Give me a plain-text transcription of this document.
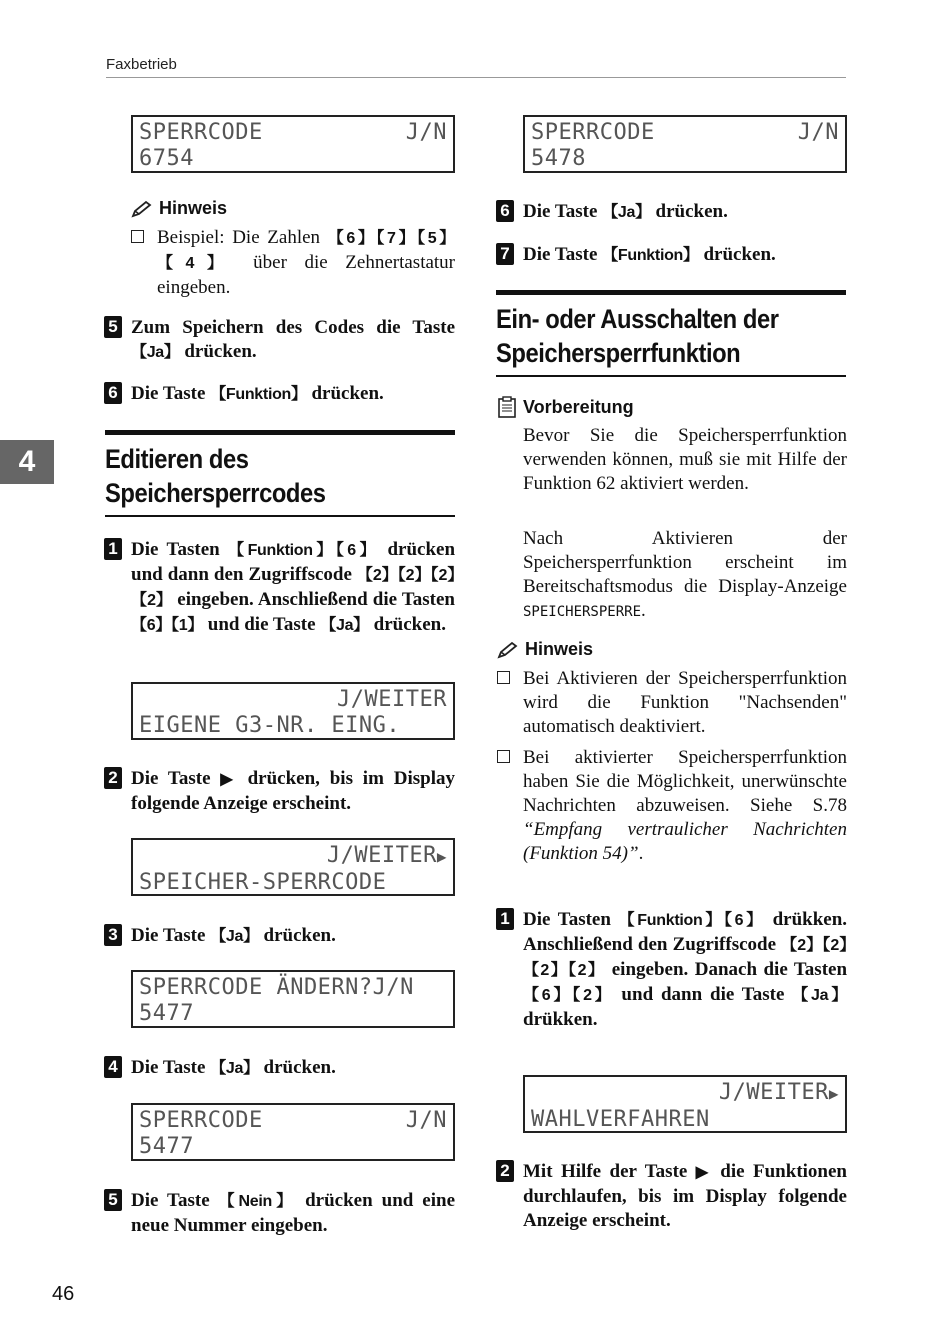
Faxbetrieb
4
46
SPERRCODE	J/N
6754
Hinweis
Beispiel: Die Zahlen 【6】【7】【5】【4】 über die Zehnertastatur eingeben.
5 Zum Speichern des Codes die Taste 【Ja】 drücken.
6 Die Taste 【Funktion】 drücken.
Editieren des
Speichersperrcodes
1 Die Tasten 【Funktion】【6】 drücken und dann den Zugriffscode 【2】【2】【2】【2】 eingeben. Anschließend die Tasten 【6】【1】 und die Taste 【Ja】 drücken.
J/WEITER
EIGENE G3-NR. EING.
2 Die Taste ▶ drücken, bis im Display folgende Anzeige erscheint.
J/WEITER▶
SPEICHER-SPERRCODE
3 Die Taste 【Ja】 drücken.
SPERRCODE ÄNDERN?J/N
5477
4 Die Taste 【Ja】 drücken.
SPERRCODE	J/N
5477
5 Die Taste 【Nein】 drücken und eine neue Nummer eingeben.
SPERRCODE	J/N
5478
6 Die Taste 【Ja】 drücken.
7 Die Taste 【Funktion】 drücken.
Ein- oder Ausschalten der
Speichersperrfunktion
Vorbereitung
Bevor Sie die Speichersperrfunktion verwenden können, muß sie mit Hilfe der Funktion 62 aktiviert werden.
Nach Aktivieren der Speichersperrfunktion erscheint im Bereitschaftsmodus die Display-Anzeige SPEICHERSPERRE.
Hinweis
Bei Aktivieren der Speichersperrfunktion wird die Funktion "Nachsenden" automatisch deaktiviert.
Bei aktivierter Speichersperrfunktion haben Sie die Möglichkeit, unerwünschte Nachrichten abzuweisen. Siehe S.78 “Empfang vertraulicher Nachrichten (Funktion 54)”.
1 Die Tasten 【Funktion】【6】 drükken. Anschließend den Zugriffscode 【2】【2】【2】【2】 eingeben. Danach die Tasten 【6】【2】 und dann die Taste 【Ja】 drükken.
J/WEITER▶
WAHLVERFAHREN
2 Mit Hilfe der Taste ▶ die Funktionen durchlaufen, bis im Display folgende Anzeige erscheint.
